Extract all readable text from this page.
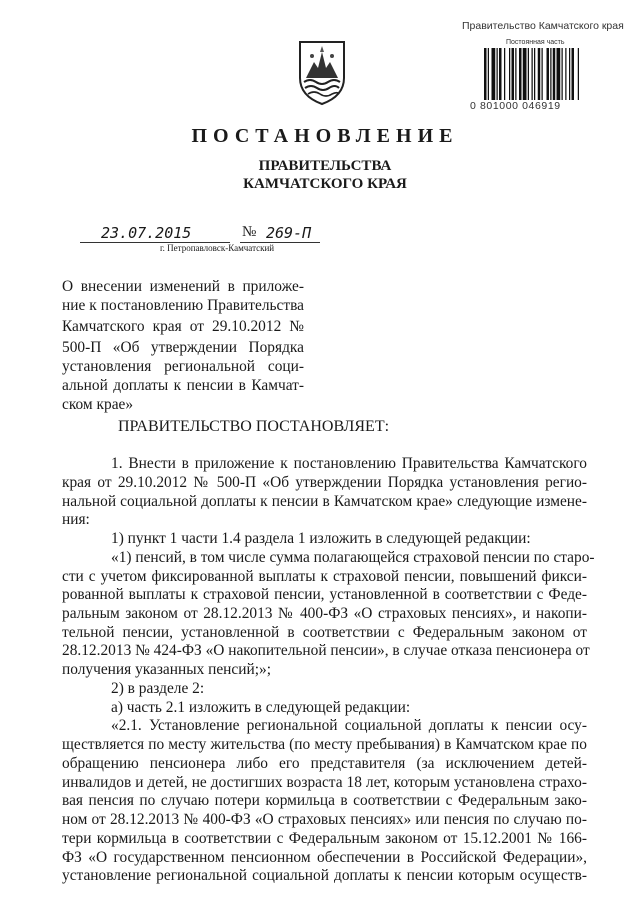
Правительство Камчатского края
Постоянная часть
0 801000 046919
ПОСТАНОВЛЕНИЕ
ПРАВИТЕЛЬСТВА
КАМЧАТСКОГО КРАЯ
23.07.2015	№ 269-П
г. Петропавловск-Камчатский
О внесении изменений в приложе-
ние к постановлению Правительства
Камчатского края от 29.10.2012 №
500-П «Об утверждении Порядка
установления региональной соци-
альной доплаты к пенсии в Камчат-
ском крае»
ПРАВИТЕЛЬСТВО ПОСТАНОВЛЯЕТ:
1. Внести в приложение к постановлению Правительства Камчатского
края от 29.10.2012 № 500-П «Об утверждении Порядка установления регио-
нальной социальной доплаты к пенсии в Камчатском крае» следующие измене-
ния:
1) пункт 1 части 1.4 раздела 1 изложить в следующей редакции:
«1) пенсий, в том числе сумма полагающейся страховой пенсии по старо-
сти с учетом фиксированной выплаты к страховой пенсии, повышений фикси-
рованной выплаты к страховой пенсии, установленной в соответствии с Феде-
ральным законом от 28.12.2013 № 400-ФЗ «О страховых пенсиях», и накопи-
тельной пенсии, установленной в соответствии с Федеральным законом от
28.12.2013 № 424-ФЗ «О накопительной пенсии», в случае отказа пенсионера от
получения указанных пенсий;»;
2) в разделе 2:
а) часть 2.1 изложить в следующей редакции:
«2.1. Установление региональной социальной доплаты к пенсии осу-
ществляется по месту жительства (по месту пребывания) в Камчатском крае по
обращению пенсионера либо его представителя (за исключением детей-
инвалидов и детей, не достигших возраста 18 лет, которым установлена страхо-
вая пенсия по случаю потери кормильца в соответствии с Федеральным зако-
ном от 28.12.2013 № 400-ФЗ «О страховых пенсиях» или пенсия по случаю по-
тери кормильца в соответствии с Федеральным законом от 15.12.2001 № 166-
ФЗ «О государственном пенсионном обеспечении в Российской Федерации»,
установление региональной социальной доплаты к пенсии которым осуществ-
